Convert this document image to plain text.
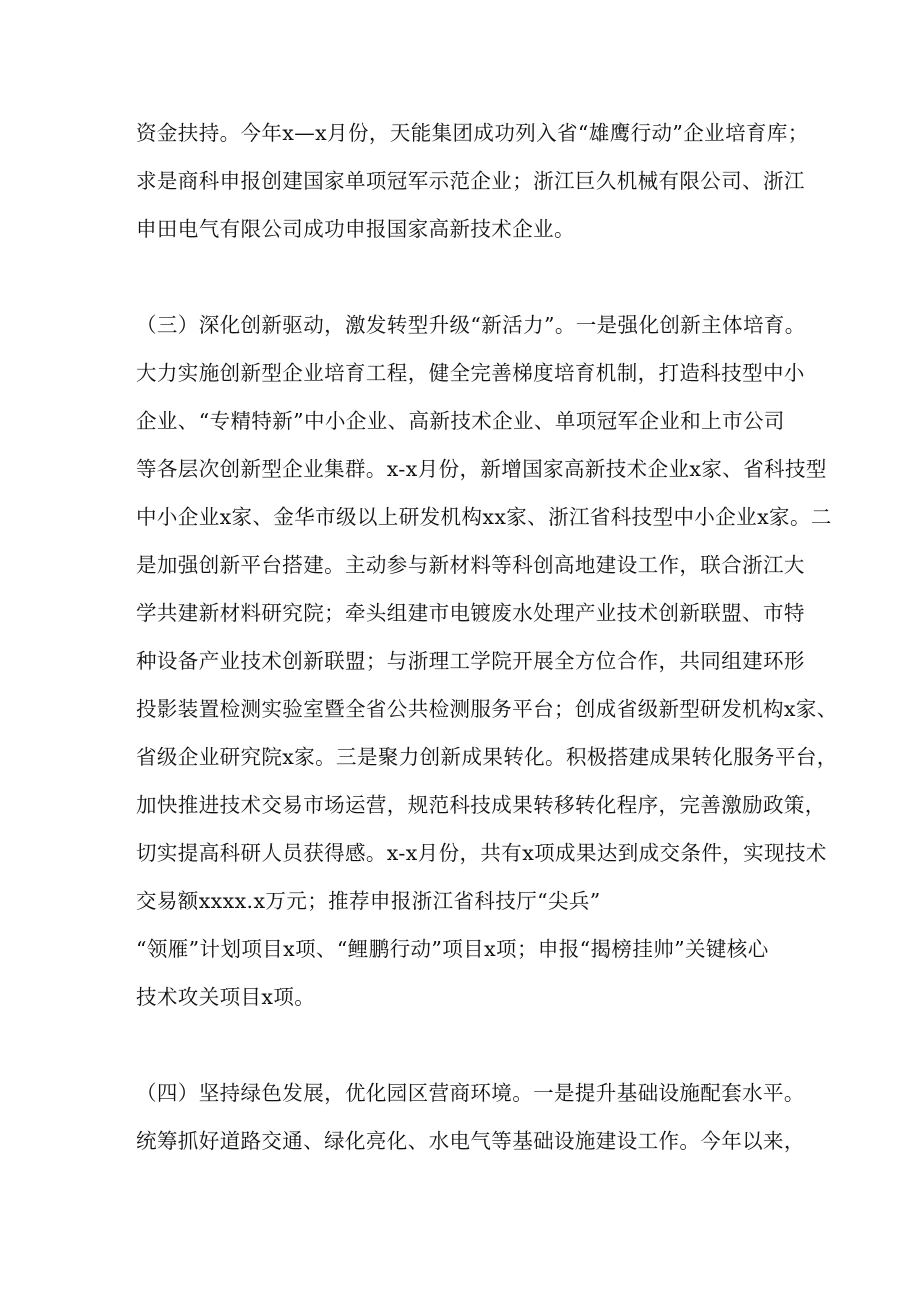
资金扶持。今年x—x月份，天能集团成功列入省“雄鹰行动”企业培育库；
求是商科申报创建国家单项冠军示范企业；浙江巨久机械有限公司、浙江
申田电气有限公司成功申报国家高新技术企业。
（三）深化创新驱动，激发转型升级“新活力”。一是强化创新主体培育。
大力实施创新型企业培育工程，健全完善梯度培育机制，打造科技型中小
企业、“专精特新”中小企业、高新技术企业、单项冠军企业和上市公司
等各层次创新型企业集群。x-x月份，新增国家高新技术企业x家、省科技型
中小企业x家、金华市级以上研发机构xx家、浙江省科技型中小企业x家。二
是加强创新平台搭建。主动参与新材料等科创高地建设工作，联合浙江大
学共建新材料研究院；牵头组建市电镀废水处理产业技术创新联盟、市特
种设备产业技术创新联盟；与浙理工学院开展全方位合作，共同组建环形
投影装置检测实验室暨全省公共检测服务平台；创成省级新型研发机构x家、
省级企业研究院x家。三是聚力创新成果转化。积极搭建成果转化服务平台，
加快推进技术交易市场运营，规范科技成果转移转化程序，完善激励政策，
切实提高科研人员获得感。x-x月份，共有x项成果达到成交条件，实现技术
交易额xxxx.x万元；推荐申报浙江省科技厅“尖兵”
“领雁”计划项目x项、“鲤鹏行动”项目x项；申报“揭榜挂帅”关键核心
技术攻关项目x项。
（四）坚持绿色发展，优化园区营商环境。一是提升基础设施配套水平。
统筹抓好道路交通、绿化亮化、水电气等基础设施建设工作。今年以来，
